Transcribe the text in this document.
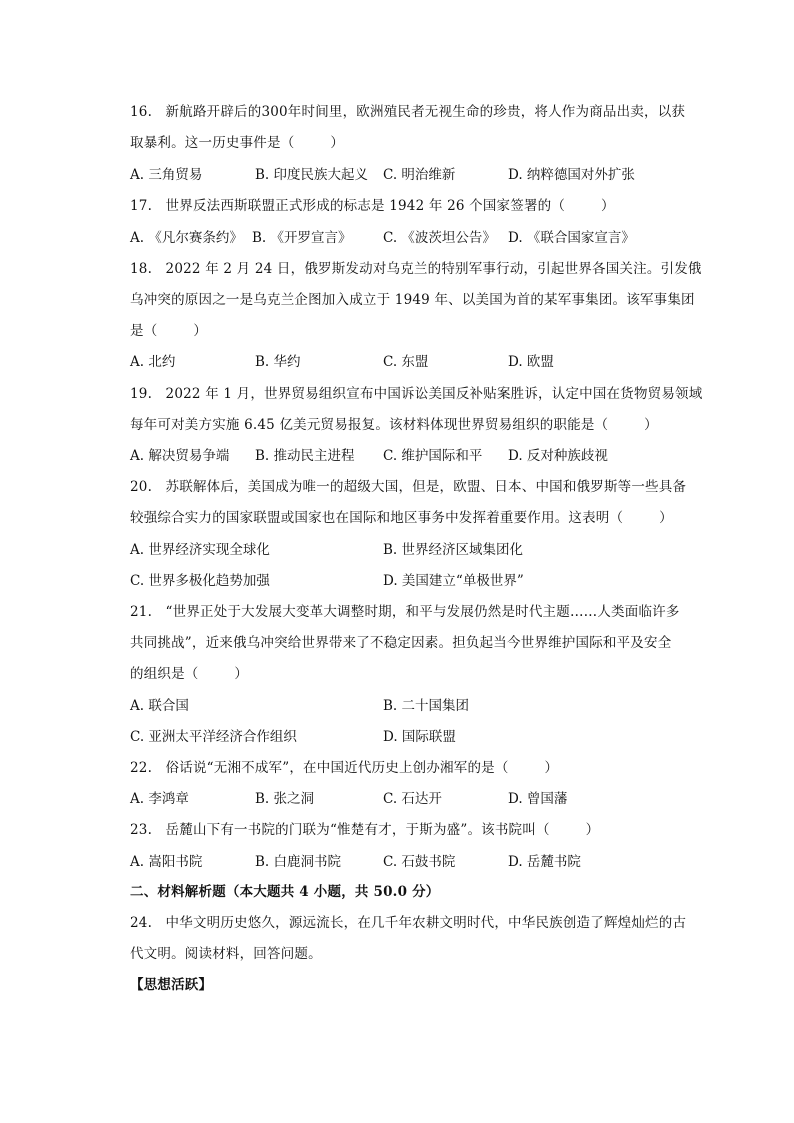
16.   新航路开辟后的300年时间里，欧洲殖民者无视生命的珍贵，将人作为商品出卖，以获
取暴利。这一历史事件是（        ）
A. 三角贸易	B. 印度民族大起义 C. 明治维新	D. 纳粹德国对外扩张
17.   世界反法西斯联盟正式形成的标志是 1942 年 26 个国家签署的（        ）
A. 《凡尔赛条约》 B. 《开罗宣言》 C. 《波茨坦公告》 D. 《联合国家宣言》
18.   2022 年 2 月 24 日，俄罗斯发动对乌克兰的特别军事行动，引起世界各国关注。引发俄
乌冲突的原因之一是乌克兰企图加入成立于 1949 年、以美国为首的某军事集团。该军事集团
是（        ）
A. 北约	B. 华约	C. 东盟	D. 欧盟
19.   2022 年 1 月，世界贸易组织宣布中国诉讼美国反补贴案胜诉，认定中国在货物贸易领域
每年可对美方实施 6.45 亿美元贸易报复。该材料体现世界贸易组织的职能是（        ）
A. 解决贸易争端 B. 推动民主进程 C. 维护国际和平 D. 反对种族歧视
20.   苏联解体后，美国成为唯一的超级大国，但是，欧盟、日本、中国和俄罗斯等一些具备
较强综合实力的国家联盟或国家也在国际和地区事务中发挥着重要作用。这表明（        ）
A. 世界经济实现全球化	B. 世界经济区域集团化
C. 世界多极化趋势加强	D. 美国建立“单极世界”
21.   “世界正处于大发展大变革大调整时期，和平与发展仍然是时代主题……人类面临许多
共同挑战”，近来俄乌冲突给世界带来了不稳定因素。担负起当今世界维护国际和平及安全
的组织是（        ）
A. 联合国	B. 二十国集团
C. 亚洲太平洋经济合作组织	D. 国际联盟
22.   俗话说“无湘不成军”，在中国近代历史上创办湘军的是（        ）
A. 李鸿章	B. 张之洞	C. 石达开	D. 曾国藩
23.   岳麓山下有一书院的门联为“惟楚有才，于斯为盛”。该书院叫（        ）
A. 嵩阳书院	B. 白鹿洞书院	C. 石鼓书院	D. 岳麓书院
二、材料解析题（本大题共 4 小题，共 50.0 分）
24.   中华文明历史悠久，源远流长，在几千年农耕文明时代，中华民族创造了辉煌灿烂的古
代文明。阅读材料，回答问题。
【思想活跃】
